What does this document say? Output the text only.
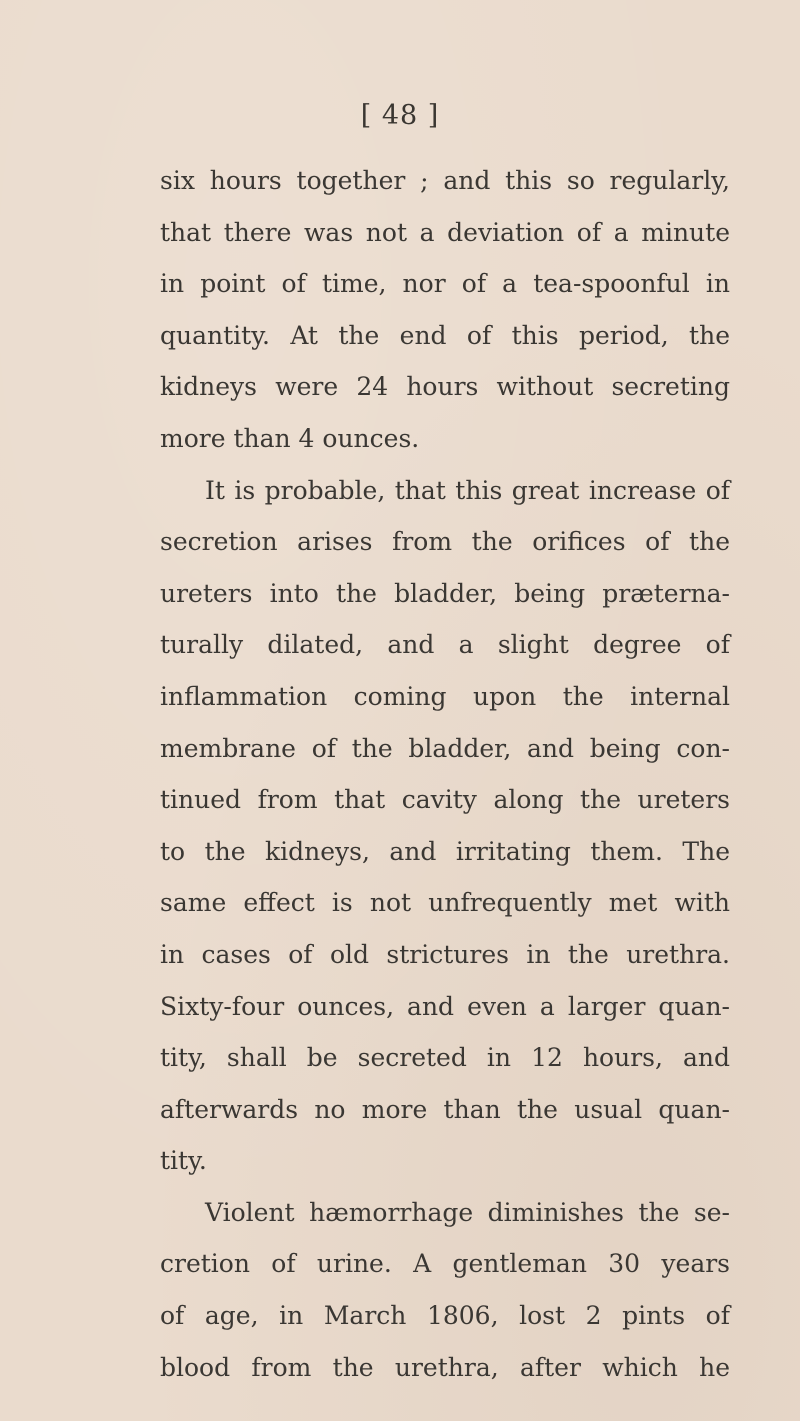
[ 48 ]

six hours together ; and this so regularly,
that there was not a deviation of a minute
in point of time, nor of a tea-spoonful in
quantity. At the end of this period, the
kidneys were 24 hours without secreting
more than 4 ounces.

It is probable, that this great increase of
secretion arises from the orifices of the
ureters into the bladder, being præterna-
turally dilated, and a slight degree of
inflammation coming upon the internal
membrane of the bladder, and being con-
tinued from that cavity along the ureters
to the kidneys, and irritating them. The
same effect is not unfrequently met with
in cases of old strictures in the urethra.
Sixty-four ounces, and even a larger quan-
tity, shall be secreted in 12 hours, and
afterwards no more than the usual quan-
tity.

Violent hæmorrhage diminishes the se-
cretion of urine. A gentleman 30 years
of age, in March 1806, lost 2 pints of
blood from the urethra, after which he
